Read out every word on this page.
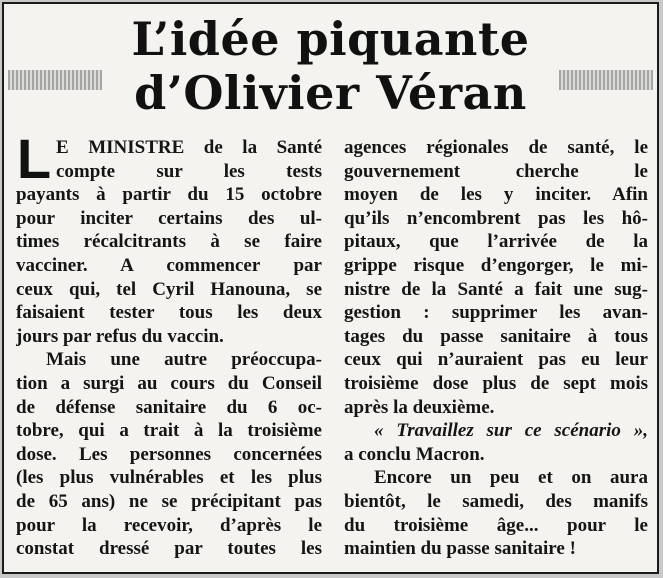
L’idée piquante
d’Olivier Véran
L E MINISTRE de la Santé
compte sur les tests
payants à partir du 15 octobre
pour inciter certains des ul-
times récalcitrants à se faire
vacciner. A commencer par
ceux qui, tel Cyril Hanouna, se
faisaient tester tous les deux
jours par refus du vaccin.
Mais une autre préoccupa-
tion a surgi au cours du Conseil
de défense sanitaire du 6 oc-
tobre, qui a trait à la troisième
dose. Les personnes concernées
(les plus vulnérables et les plus
de 65 ans) ne se précipitant pas
pour la recevoir, d’après le
constat dressé par toutes les
agences régionales de santé, le
gouvernement cherche le
moyen de les y inciter. Afin
qu’ils n’encombrent pas les hô-
pitaux, que l’arrivée de la
grippe risque d’engorger, le mi-
nistre de la Santé a fait une sug-
gestion : supprimer les avan-
tages du passe sanitaire à tous
ceux qui n’auraient pas eu leur
troisième dose plus de sept mois
après la deuxième.
« Travaillez sur ce scénario »,
a conclu Macron.
Encore un peu et on aura
bientôt, le samedi, des manifs
du troisième âge... pour le
maintien du passe sanitaire !
